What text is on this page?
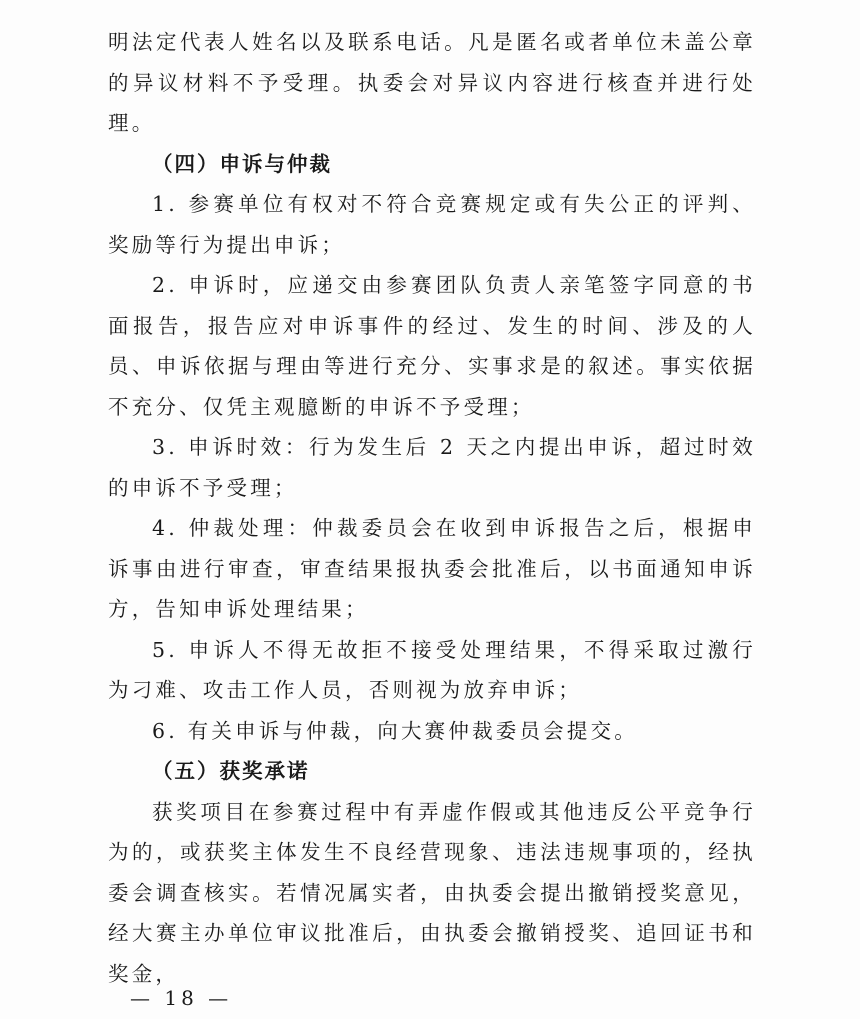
明法定代表人姓名以及联系电话。凡是匿名或者单位未盖公章的异议材料不予受理。执委会对异议内容进行核查并进行处理。

（四）申诉与仲裁

1. 参赛单位有权对不符合竞赛规定或有失公正的评判、奖励等行为提出申诉；

2. 申诉时，应递交由参赛团队负责人亲笔签字同意的书面报告，报告应对申诉事件的经过、发生的时间、涉及的人员、申诉依据与理由等进行充分、实事求是的叙述。事实依据不充分、仅凭主观臆断的申诉不予受理；

3. 申诉时效：行为发生后 2 天之内提出申诉，超过时效的申诉不予受理；

4. 仲裁处理：仲裁委员会在收到申诉报告之后，根据申诉事由进行审查，审查结果报执委会批准后，以书面通知申诉方，告知申诉处理结果；

5. 申诉人不得无故拒不接受处理结果，不得采取过激行为刁难、攻击工作人员，否则视为放弃申诉；

6. 有关申诉与仲裁，向大赛仲裁委员会提交。

（五）获奖承诺

获奖项目在参赛过程中有弄虚作假或其他违反公平竞争行为的，或获奖主体发生不良经营现象、违法违规事项的，经执委会调查核实。若情况属实者，由执委会提出撤销授奖意见，经大赛主办单位审议批准后，由执委会撤销授奖、追回证书和奖金，

— 18 —
